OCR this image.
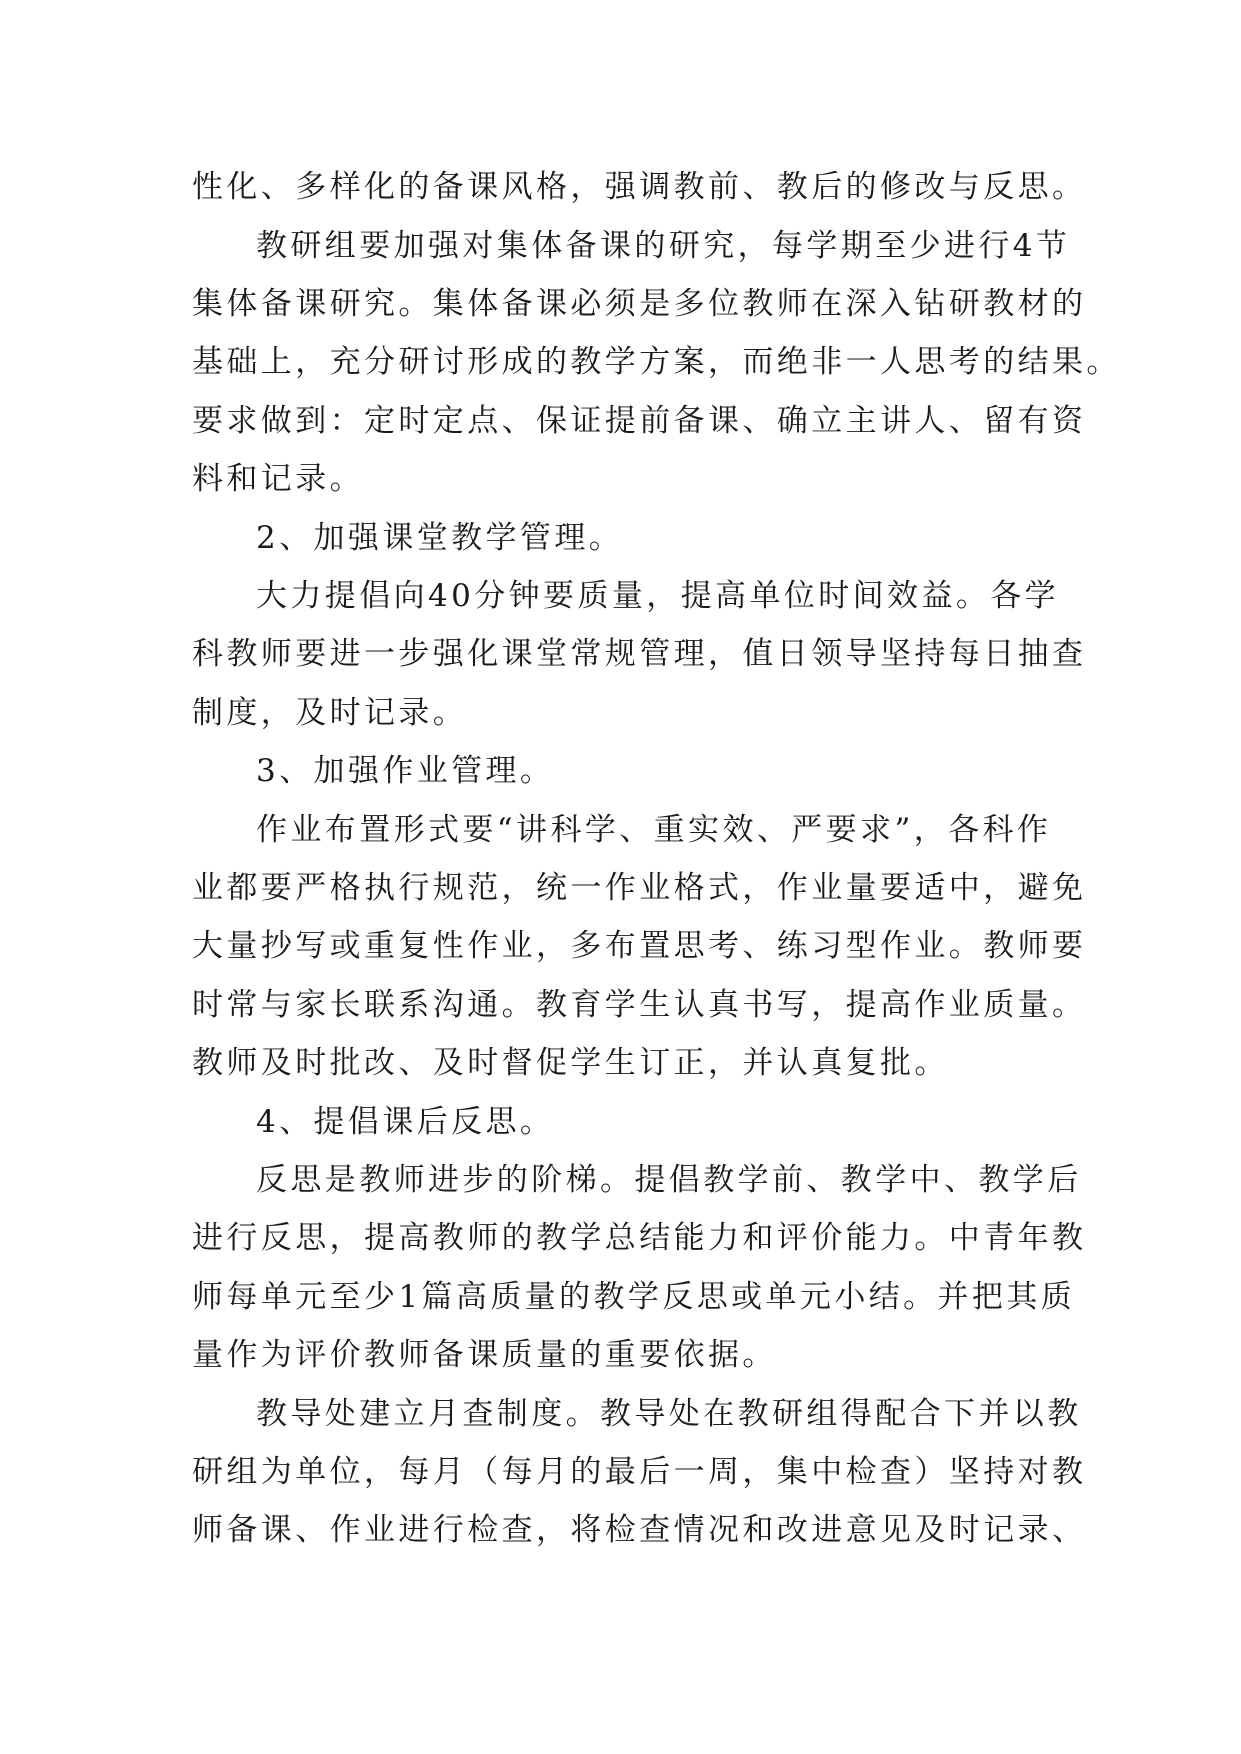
性化、多样化的备课风格，强调教前、教后的修改与反思。
教研组要加强对集体备课的研究，每学期至少进行4节
集体备课研究。集体备课必须是多位教师在深入钻研教材的
基础上，充分研讨形成的教学方案，而绝非一人思考的结果。
要求做到：定时定点、保证提前备课、确立主讲人、留有资
料和记录。
2、加强课堂教学管理。
大力提倡向40分钟要质量，提高单位时间效益。各学
科教师要进一步强化课堂常规管理，值日领导坚持每日抽查
制度，及时记录。
3、加强作业管理。
作业布置形式要“讲科学、重实效、严要求”，各科作
业都要严格执行规范，统一作业格式，作业量要适中，避免
大量抄写或重复性作业，多布置思考、练习型作业。教师要
时常与家长联系沟通。教育学生认真书写，提高作业质量。
教师及时批改、及时督促学生订正，并认真复批。
4、提倡课后反思。
反思是教师进步的阶梯。提倡教学前、教学中、教学后
进行反思，提高教师的教学总结能力和评价能力。中青年教
师每单元至少1篇高质量的教学反思或单元小结。并把其质
量作为评价教师备课质量的重要依据。
教导处建立月查制度。教导处在教研组得配合下并以教
研组为单位，每月（每月的最后一周，集中检查）坚持对教
师备课、作业进行检查，将检查情况和改进意见及时记录、
